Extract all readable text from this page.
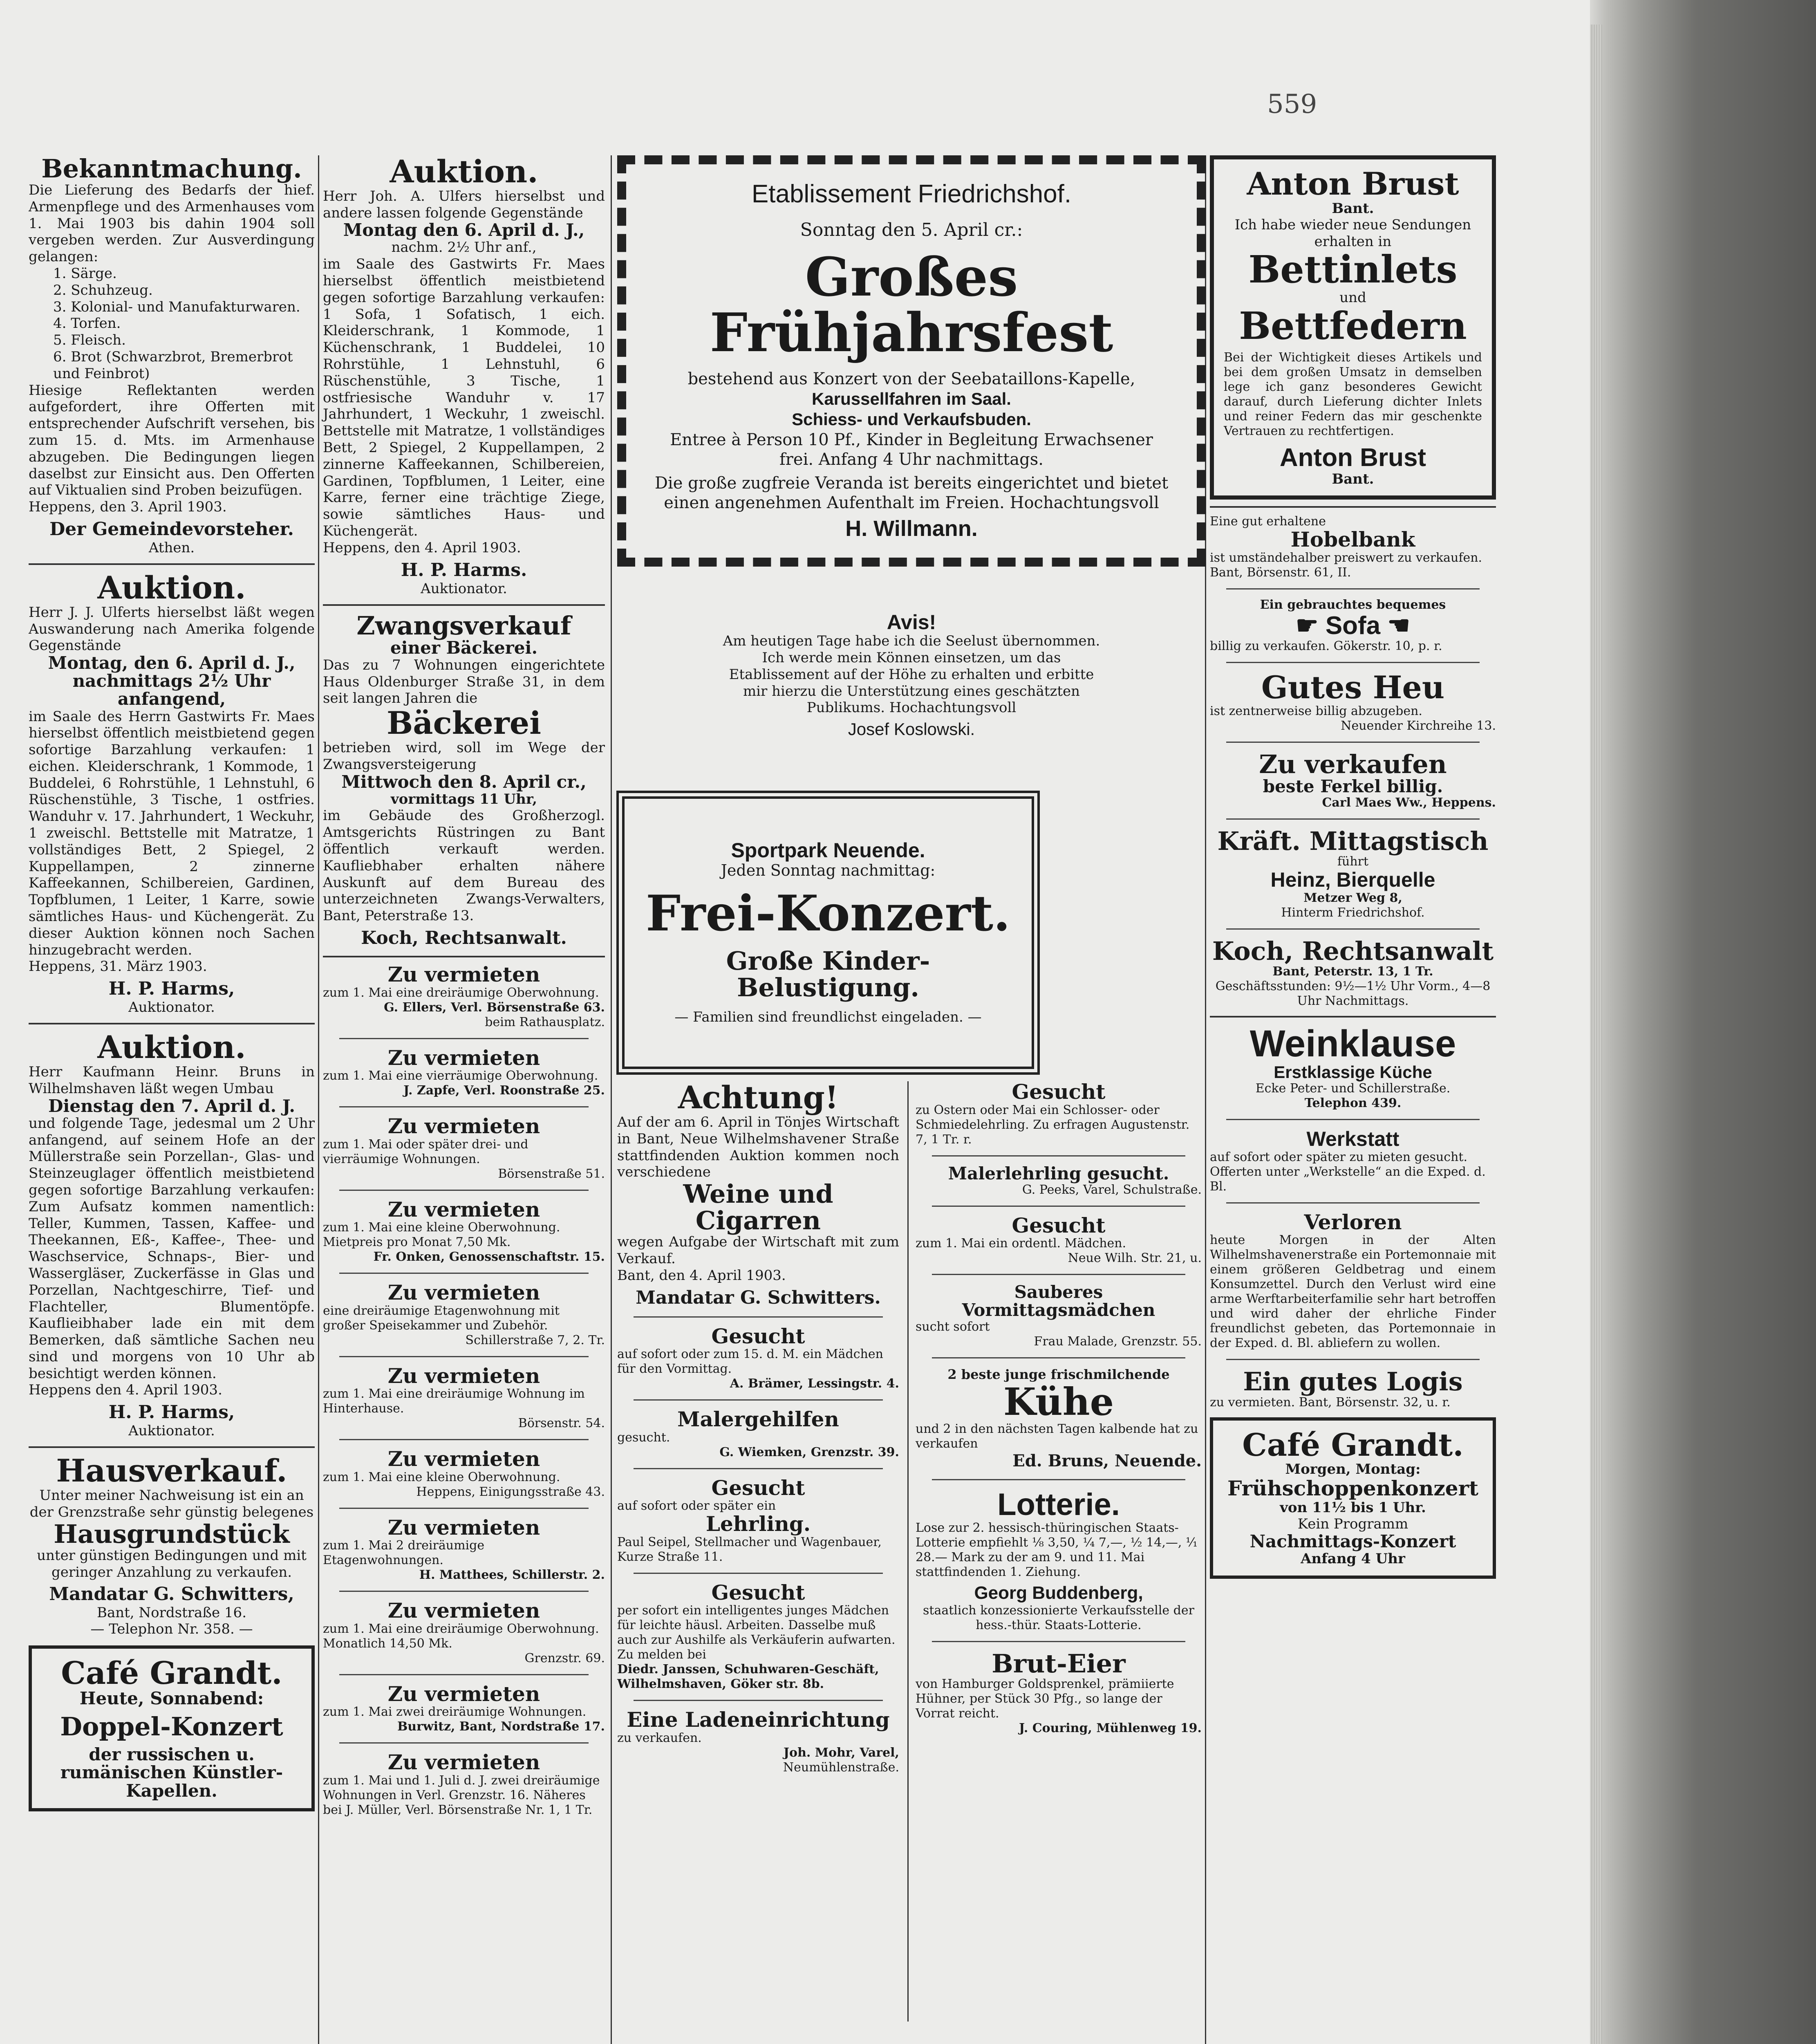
559
Bekanntmachung.
Die Lieferung des Bedarfs der hief. Armenpflege und des Armenhauses vom 1. Mai 1903 bis dahin 1904 soll vergeben werden. Zur Ausverdingung gelangen:
1. Särge.
2. Schuhzeug.
3. Kolonial- und Manufakturwaren.
4. Torfen.
5. Fleisch.
6. Brot (Schwarzbrot, Bremerbrot und Feinbrot)
Hiesige Reflektanten werden aufgefordert, ihre Offerten mit entsprechender Aufschrift versehen, bis zum 15. d. Mts. im Armenhause abzugeben. Die Bedingungen liegen daselbst zur Einsicht aus. Den Offerten auf Viktualien sind Proben beizufügen.
Heppens, den 3. April 1903.
Der Gemeindevorsteher.
Athen.
Auktion.
Herr J. J. Ulferts hierselbst läßt wegen Auswanderung nach Amerika folgende Gegenstände
Montag, den 6. April d. J., nachmittags 2½ Uhr anfangend,
im Saale des Herrn Gastwirts Fr. Maes hierselbst öffentlich meistbietend gegen sofortige Barzahlung verkaufen: 1 eichen. Kleiderschrank, 1 Kommode, 1 Buddelei, 6 Rohrstühle, 1 Lehnstuhl, 6 Rüschenstühle, 3 Tische, 1 ostfries. Wanduhr v. 17. Jahrhundert, 1 Weckuhr, 1 zweischl. Bettstelle mit Matratze, 1 vollständiges Bett, 2 Spiegel, 2 Kuppellampen, 2 zinnerne Kaffeekannen, Schilbereien, Gardinen, Topfblumen, 1 Leiter, 1 Karre, sowie sämtliches Haus- und Küchengerät. Zu dieser Auktion können noch Sachen hinzugebracht werden.
Heppens, 31. März 1903.
H. P. Harms,
Auktionator.
Auktion.
Herr Kaufmann Heinr. Bruns in Wilhelmshaven läßt wegen Umbau
Dienstag den 7. April d. J.
und folgende Tage, jedesmal um 2 Uhr anfangend, auf seinem Hofe an der Müllerstraße sein Porzellan-, Glas- und Steinzeuglager öffentlich meistbietend gegen sofortige Barzahlung verkaufen: Zum Aufsatz kommen namentlich: Teller, Kummen, Tassen, Kaffee- und Theekannen, Eß-, Kaffee-, Thee- und Waschservice, Schnaps-, Bier- und Wassergläser, Zuckerfässe in Glas und Porzellan, Nachtgeschirre, Tief- und Flachteller, Blumentöpfe. Kauflieibhaber lade ein mit dem Bemerken, daß sämtliche Sachen neu sind und morgens von 10 Uhr ab besichtigt werden können.
Heppens den 4. April 1903.
H. P. Harms,
Auktionator.
Hausverkauf.
Unter meiner Nachweisung ist ein an der Grenzstraße sehr günstig belegenes
Hausgrundstück
unter günstigen Bedingungen und mit geringer Anzahlung zu verkaufen.
Mandatar G. Schwitters,
Bant, Nordstraße 16.
— Telephon Nr. 358. —
Café Grandt.
Heute, Sonnabend:
Doppel-Konzert
der russischen u. rumänischen Künstler-Kapellen.
Auktion.
Herr Joh. A. Ulfers hierselbst und andere lassen folgende Gegenstände
Montag den 6. April d. J.,
nachm. 2½ Uhr anf.,
im Saale des Gastwirts Fr. Maes hierselbst öffentlich meistbietend gegen sofortige Barzahlung verkaufen: 1 Sofa, 1 Sofatisch, 1 eich. Kleiderschrank, 1 Kommode, 1 Küchenschrank, 1 Buddelei, 10 Rohrstühle, 1 Lehnstuhl, 6 Rüschenstühle, 3 Tische, 1 ostfriesische Wanduhr v. 17 Jahrhundert, 1 Weckuhr, 1 zweischl. Bettstelle mit Matratze, 1 vollständiges Bett, 2 Spiegel, 2 Kuppellampen, 2 zinnerne Kaffeekannen, Schilbereien, Gardinen, Topfblumen, 1 Leiter, eine Karre, ferner eine trächtige Ziege, sowie sämtliches Haus- und Küchengerät.
Heppens, den 4. April 1903.
H. P. Harms.
Auktionator.
Zwangsverkauf
einer Bäckerei.
Das zu 7 Wohnungen eingerichtete Haus Oldenburger Straße 31, in dem seit langen Jahren die
Bäckerei
betrieben wird, soll im Wege der Zwangsversteigerung
Mittwoch den 8. April cr.,
vormittags 11 Uhr,
im Gebäude des Großherzogl. Amtsgerichts Rüstringen zu Bant öffentlich verkauft werden. Kaufliebhaber erhalten nähere Auskunft auf dem Bureau des unterzeichneten Zwangs-Verwalters, Bant, Peterstraße 13.
Koch, Rechtsanwalt.
Zu vermieten
zum 1. Mai eine dreiräumige Oberwohnung.
G. Ellers, Verl. Börsenstraße 63.
beim Rathausplatz.
Zu vermieten
zum 1. Mai eine vierräumige Oberwohnung.
J. Zapfe, Verl. Roonstraße 25.
Zu vermieten
zum 1. Mai oder später drei- und vierräumige Wohnungen.
Börsenstraße 51.
Zu vermieten
zum 1. Mai eine kleine Oberwohnung. Mietpreis pro Monat 7,50 Mk.
Fr. Onken, Genossenschaftstr. 15.
Zu vermieten
eine dreiräumige Etagenwohnung mit großer Speisekammer und Zubehör.
Schillerstraße 7, 2. Tr.
Zu vermieten
zum 1. Mai eine dreiräumige Wohnung im Hinterhause.
Börsenstr. 54.
Zu vermieten
zum 1. Mai eine kleine Oberwohnung.
Heppens, Einigungsstraße 43.
Zu vermieten
zum 1. Mai 2 dreiräumige Etagenwohnungen.
H. Matthees, Schillerstr. 2.
Zu vermieten
zum 1. Mai eine dreiräumige Oberwohnung. Monatlich 14,50 Mk.
Grenzstr. 69.
Zu vermieten
zum 1. Mai zwei dreiräumige Wohnungen.
Burwitz, Bant, Nordstraße 17.
Zu vermieten
zum 1. Mai und 1. Juli d. J. zwei dreiräumige Wohnungen in Verl. Grenzstr. 16. Näheres bei J. Müller, Verl. Börsenstraße Nr. 1, 1 Tr.
Etablissement Friedrichshof.
Sonntag den 5. April cr.:
Großes Frühjahrsfest
bestehend aus Konzert von der Seebataillons-Kapelle,
Karussellfahren im Saal.
Schiess- und Verkaufsbuden.
Entree à Person 10 Pf., Kinder in Begleitung Erwachsener frei. Anfang 4 Uhr nachmittags.
Die große zugfreie Veranda ist bereits eingerichtet und bietet einen angenehmen Aufenthalt im Freien. Hochachtungsvoll
H. Willmann.
Avis!
Am heutigen Tage habe ich die Seelust übernommen. Ich werde mein Können einsetzen, um das Etablissement auf der Höhe zu erhalten und erbitte mir hierzu die Unterstützung eines geschätzten Publikums. Hochachtungsvoll
Josef Koslowski.
Sportpark Neuende.
Jeden Sonntag nachmittag:
Frei-Konzert.
Große Kinder-Belustigung.
— Familien sind freundlichst eingeladen. —
Achtung!
Auf der am 6. April in Tönjes Wirtschaft in Bant, Neue Wilhelmshavener Straße stattfindenden Auktion kommen noch verschiedene
Weine und Cigarren
wegen Aufgabe der Wirtschaft mit zum Verkauf.
Bant, den 4. April 1903.
Mandatar G. Schwitters.
Gesucht
auf sofort oder zum 15. d. M. ein Mädchen für den Vormittag.
A. Brämer, Lessingstr. 4.
Malergehilfen
gesucht.
G. Wiemken, Grenzstr. 39.
Gesucht
auf sofort oder später ein
Lehrling.
Paul Seipel, Stellmacher und Wagenbauer, Kurze Straße 11.
Gesucht
per sofort ein intelligentes junges Mädchen für leichte häusl. Arbeiten. Dasselbe muß auch zur Aushilfe als Verkäuferin aufwarten. Zu melden bei
Diedr. Janssen, Schuhwaren-Geschäft, Wilhelmshaven, Göker str. 8b.
Eine Ladeneinrichtung
zu verkaufen.
Joh. Mohr, Varel,
Neumühlenstraße.
Gesucht
zu Ostern oder Mai ein Schlosser- oder Schmiedelehrling. Zu erfragen Augustenstr. 7, 1 Tr. r.
Malerlehrling gesucht.
G. Peeks, Varel, Schulstraße.
Gesucht
zum 1. Mai ein ordentl. Mädchen.
Neue Wilh. Str. 21, u.
Sauberes Vormittagsmädchen
sucht sofort
Frau Malade, Grenzstr. 55.
2 beste junge frischmilchende
Kühe
und 2 in den nächsten Tagen kalbende hat zu verkaufen
Ed. Bruns, Neuende.
Lotterie.
Lose zur 2. hessisch-thüringischen Staats-Lotterie empfiehlt ⅛ 3,50, ¼ 7,—, ½ 14,—, ¹⁄₁ 28.— Mark zu der am 9. und 11. Mai stattfindenden 1. Ziehung.
Georg Buddenberg,
staatlich konzessionierte Verkaufsstelle der hess.-thür. Staats-Lotterie.
Brut-Eier
von Hamburger Goldsprenkel, prämiierte Hühner, per Stück 30 Pfg., so lange der Vorrat reicht.
J. Couring, Mühlenweg 19.
Anton Brust
Bant.
Ich habe wieder neue Sendungen erhalten in
Bettinlets
und
Bettfedern
Bei der Wichtigkeit dieses Artikels und bei dem großen Umsatz in demselben lege ich ganz besonderes Gewicht darauf, durch Lieferung dichter Inlets und reiner Federn das mir geschenkte Vertrauen zu rechtfertigen.
Anton Brust
Bant.
Eine gut erhaltene
Hobelbank
ist umständehalber preiswert zu verkaufen. Bant, Börsenstr. 61, II.
Ein gebrauchtes bequemes
☛ Sofa ☚
billig zu verkaufen. Gökerstr. 10, p. r.
Gutes Heu
ist zentnerweise billig abzugeben.
Neuender Kirchreihe 13.
Zu verkaufen
beste Ferkel billig.
Carl Maes Ww., Heppens.
Kräft. Mittagstisch
führt
Heinz, Bierquelle
Metzer Weg 8,
Hinterm Friedrichshof.
Koch, Rechtsanwalt
Bant, Peterstr. 13, 1 Tr.
Geschäftsstunden: 9½—1½ Uhr Vorm., 4—8 Uhr Nachmittags.
Weinklause
Erstklassige Küche
Ecke Peter- und Schillerstraße.
Telephon 439.
Werkstatt
auf sofort oder später zu mieten gesucht. Offerten unter „Werkstelle“ an die Exped. d. Bl.
Verloren
heute Morgen in der Alten Wilhelmshavenerstraße ein Portemonnaie mit einem größeren Geldbetrag und einem Konsumzettel. Durch den Verlust wird eine arme Werftarbeiterfamilie sehr hart betroffen und wird daher der ehrliche Finder freundlichst gebeten, das Portemonnaie in der Exped. d. Bl. abliefern zu wollen.
Ein gutes Logis
zu vermieten. Bant, Börsenstr. 32, u. r.
Café Grandt.
Morgen, Montag:
Frühschoppenkonzert
von 11½ bis 1 Uhr.
Kein Programm
Nachmittags-Konzert
Anfang 4 Uhr
